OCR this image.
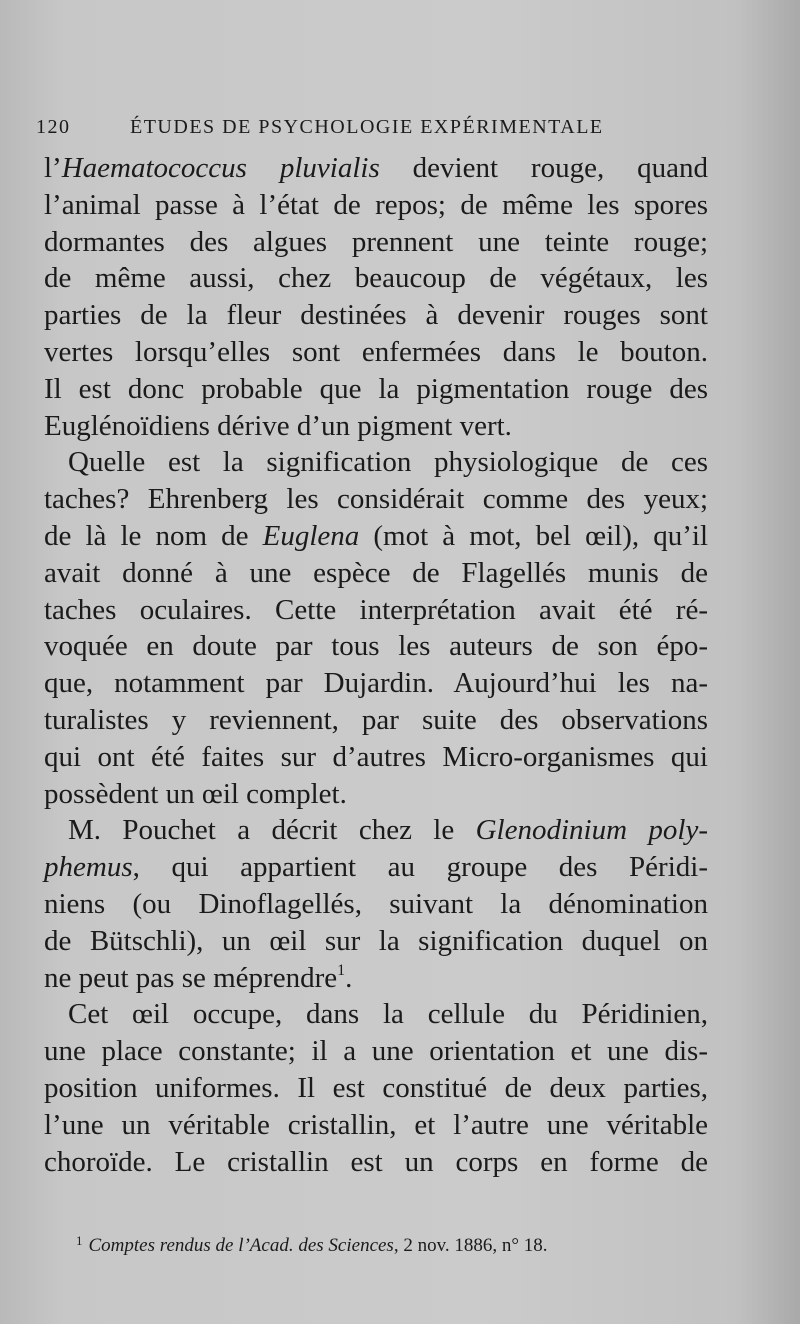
120	ÉTUDES DE PSYCHOLOGIE EXPÉRIMENTALE
l’Haematococcus pluvialis devient rouge, quand
l’animal passe à l’état de repos; de même les spores
dormantes des algues prennent une teinte rouge;
de même aussi, chez beaucoup de végétaux, les
parties de la fleur destinées à devenir rouges sont
vertes lorsqu’elles sont enfermées dans le bouton.
Il est donc probable que la pigmentation rouge des
Euglénoïdiens dérive d’un pigment vert.
Quelle est la signification physiologique de ces
taches? Ehrenberg les considérait comme des yeux;
de là le nom de Euglena (mot à mot, bel œil), qu’il
avait donné à une espèce de Flagellés munis de
taches oculaires. Cette interprétation avait été ré-
voquée en doute par tous les auteurs de son épo-
que, notamment par Dujardin. Aujourd’hui les na-
turalistes y reviennent, par suite des observations
qui ont été faites sur d’autres Micro-organismes qui
possèdent un œil complet.
M. Pouchet a décrit chez le Glenodinium poly-
phemus, qui appartient au groupe des Péridi-
niens (ou Dinoflagellés, suivant la dénomination
de Bütschli), un œil sur la signification duquel on
ne peut pas se méprendre$^1$.
Cet œil occupe, dans la cellule du Péridinien,
une place constante; il a une orientation et une dis-
position uniformes. Il est constitué de deux parties,
l’une un véritable cristallin, et l’autre une véritable
choroïde. Le cristallin est un corps en forme de
$^1$ Comptes rendus de l’Acad. des Sciences, 2 nov. 1886, n° 18.
